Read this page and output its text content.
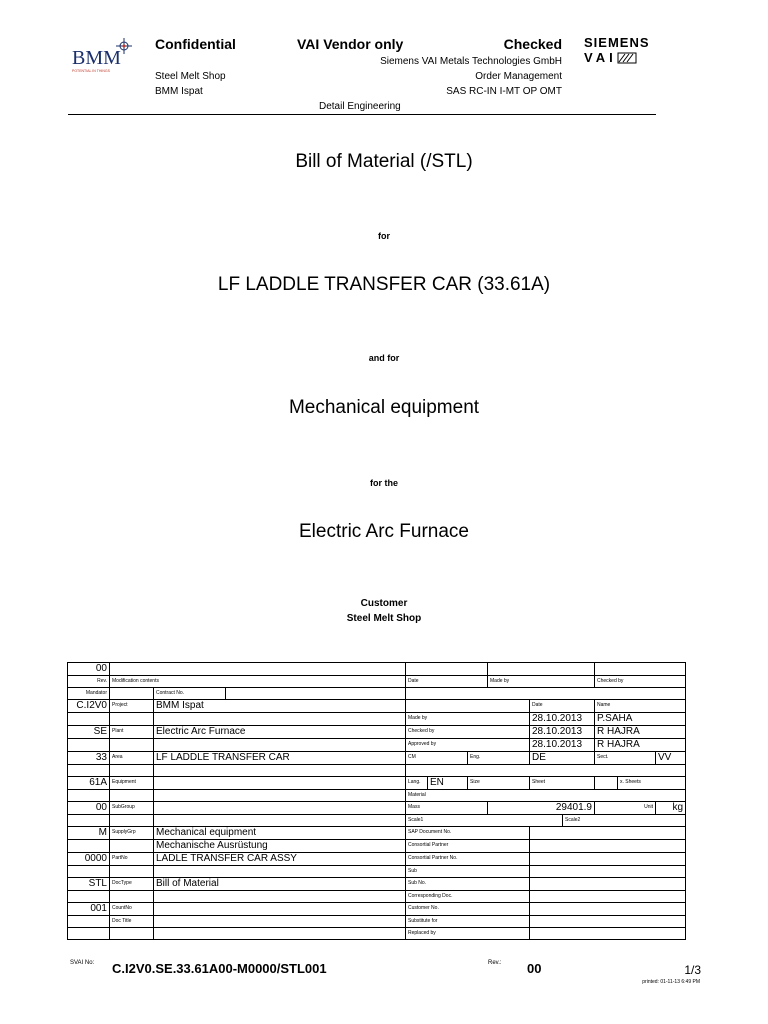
BMM
POTENTIAL IN THINGS
Confidential	VAI Vendor only	Checked SIEMENS
VAI
Siemens VAI Metals Technologies GmbH
Steel Melt Shop	Order Management
BMM Ispat	SAS RC-IN I-MT OP OMT
Detail Engineering
Bill of Material (/STL)
for
LF LADDLE TRANSFER CAR (33.61A)
and for
Mechanical equipment
for the
Electric Arc Furnace
Customer
Steel Melt Shop
00												
Rev.	Modification contents			Date			Made by			Checked by		
Mandator		Contract No.										
C.I2V0	Project	BMM Ispat						Date		Name		
				Made by				28.10.2013		P.SAHA		
SE	Plant	Electric Arc Furnace		Checked by				28.10.2013		R HAJRA		
				Approved by				28.10.2013		R HAJRA		
33	Area	LF LADDLE TRANSFER CAR		CM		Eng.		DE		Sect.		VV

61A	Equipment			Lang.	EN	Size		Sheet			x. Sheets	
				Material								
00	SubGroup			Mass			29401.9			Unit		kg
				Scale1					Scale2			
M	SupplyGrp	Mechanical equipment		SAP Document No.								
		Mechanische Ausrüstung		Consortial Partner								
0000	PartNo	LADLE TRANSFER CAR ASSY		Consortial Partner No.								
				Sub								
STL	DocType	Bill of Material		Sub No.								
				Corresponding Doc.								
001	CountNo			Customer No.								
	Doc Title			Substitute for								
				Replaced by								
SVAI No: C.I2V0.SE.33.61A00-M0000/STL001	Rev.: 00	1/3
printed: 01-11-13 6:49 PM
